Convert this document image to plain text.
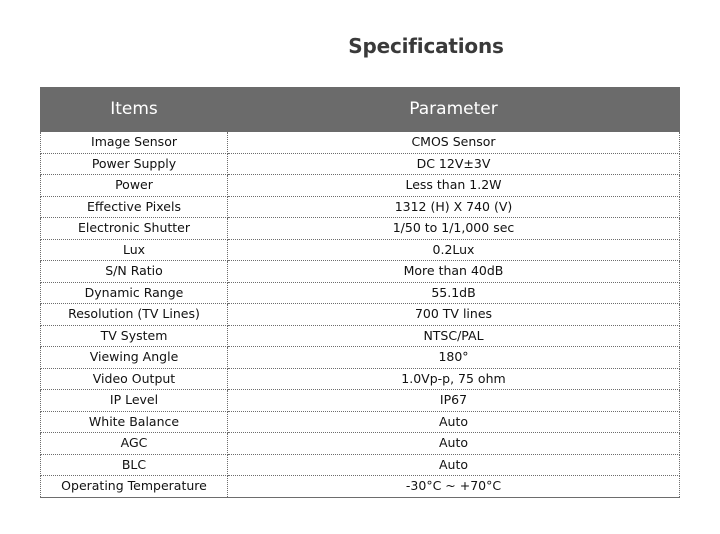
Specifications
Items	Parameter
Image Sensor	CMOS Sensor
Power Supply	DC 12V±3V
Power	Less than 1.2W
Effective Pixels	1312 (H) X 740 (V)
Electronic Shutter	1/50 to 1/1,000 sec
Lux	0.2Lux
S/N Ratio	More than 40dB
Dynamic Range	55.1dB
Resolution (TV Lines)	700 TV lines
TV System	NTSC/PAL
Viewing Angle	180°
Video Output	1.0Vp-p, 75 ohm
IP Level	IP67
White Balance	Auto
AGC	Auto
BLC	Auto
Operating Temperature	-30°C ~ +70°C
